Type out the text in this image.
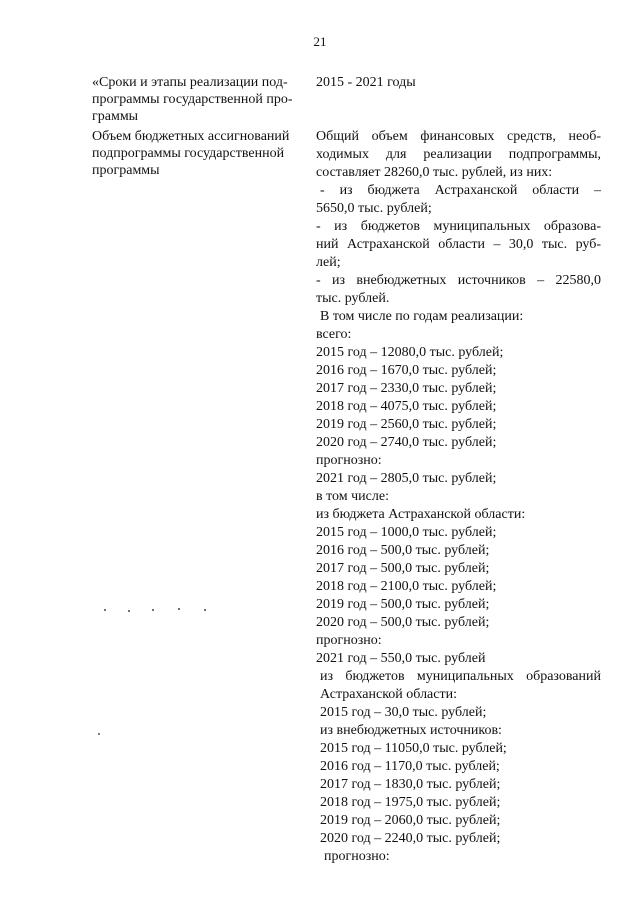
21
«Сроки и этапы реализации под-
программы государственной про-
граммы
2015 - 2021 годы
Объем бюджетных ассигнований
подпрограммы государственной
программы
Общий объем финансовых средств, необ-
ходимых для реализации подпрограммы,
составляет 28260,0 тыс. рублей, из них:
- из бюджета Астраханской области –
5650,0 тыс. рублей;
- из бюджетов муниципальных образова-
ний Астраханской области – 30,0 тыс. руб-
лей;
- из внебюджетных источников – 22580,0
тыс. рублей.
В том числе по годам реализации:
всего:
2015 год – 12080,0 тыс. рублей;
2016 год – 1670,0 тыс. рублей;
2017 год – 2330,0 тыс. рублей;
2018 год – 4075,0 тыс. рублей;
2019 год – 2560,0 тыс. рублей;
2020 год – 2740,0 тыс. рублей;
прогнозно:
2021 год – 2805,0 тыс. рублей;
в том числе:
из бюджета Астраханской области:
2015 год – 1000,0 тыс. рублей;
2016 год – 500,0 тыс. рублей;
2017 год – 500,0 тыс. рублей;
2018 год – 2100,0 тыс. рублей;
2019 год – 500,0 тыс. рублей;
2020 год – 500,0 тыс. рублей;
прогнозно:
2021 год – 550,0 тыс. рублей
из бюджетов муниципальных образований
Астраханской области:
2015 год – 30,0 тыс. рублей;
из внебюджетных источников:
2015 год – 11050,0 тыс. рублей;
2016 год – 1170,0 тыс. рублей;
2017 год – 1830,0 тыс. рублей;
2018 год – 1975,0 тыс. рублей;
2019 год – 2060,0 тыс. рублей;
2020 год – 2240,0 тыс. рублей;
прогнозно:
